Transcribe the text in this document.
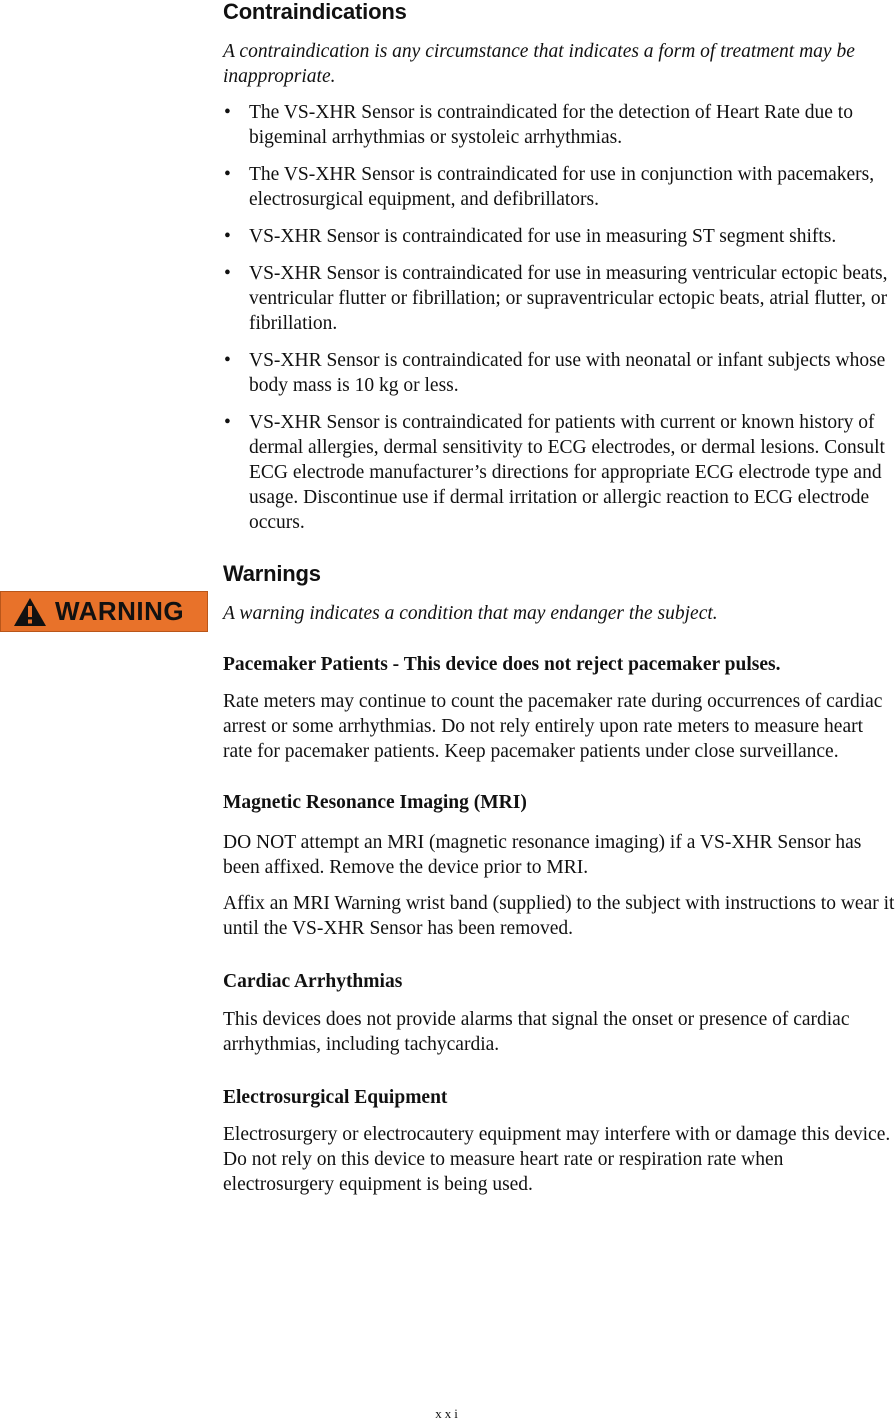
Contraindications

A contraindication is any circumstance that indicates a form of treatment may be inappropriate.

• The VS-XHR Sensor is contraindicated for the detection of Heart Rate due to bigeminal arrhythmias or systoleic arrhythmias.
• The VS-XHR Sensor is contraindicated for use in conjunction with pacemakers, electrosurgical equipment, and defibrillators.
• VS-XHR Sensor is contraindicated for use in measuring ST segment shifts.
• VS-XHR Sensor is contraindicated for use in measuring ventricular ectopic beats, ventricular flutter or fibrillation; or supraventricular ectopic beats, atrial flutter, or fibrillation.
• VS-XHR Sensor is contraindicated for use with neonatal or infant subjects whose body mass is 10 kg or less.
• VS-XHR Sensor is contraindicated for patients with current or known history of dermal allergies, dermal sensitivity to ECG electrodes, or dermal lesions. Consult ECG electrode manufacturer’s directions for appropriate ECG electrode type and usage. Discontinue use if dermal irritation or allergic reaction to ECG electrode occurs.
Warnings

A warning indicates a condition that may endanger the subject.

Pacemaker Patients - This device does not reject pacemaker pulses.

Rate meters may continue to count the pacemaker rate during occurrences of cardiac arrest or some arrhythmias. Do not rely entirely upon rate meters to measure heart rate for pacemaker patients. Keep pacemaker patients under close surveillance.

Magnetic Resonance Imaging (MRI)

DO NOT attempt an MRI (magnetic resonance imaging) if a VS-XHR Sensor has been affixed. Remove the device prior to MRI.

Affix an MRI Warning wrist band (supplied) to the subject with instructions to wear it until the VS-XHR Sensor has been removed.

Cardiac Arrhythmias

This devices does not provide alarms that signal the onset or presence of cardiac arrhythmias, including tachycardia.

Electrosurgical Equipment

Electrosurgery or electrocautery equipment may interfere with or damage this device. Do not rely on this device to measure heart rate or respiration rate when electrosurgery equipment is being used.

WARNING
xxi
